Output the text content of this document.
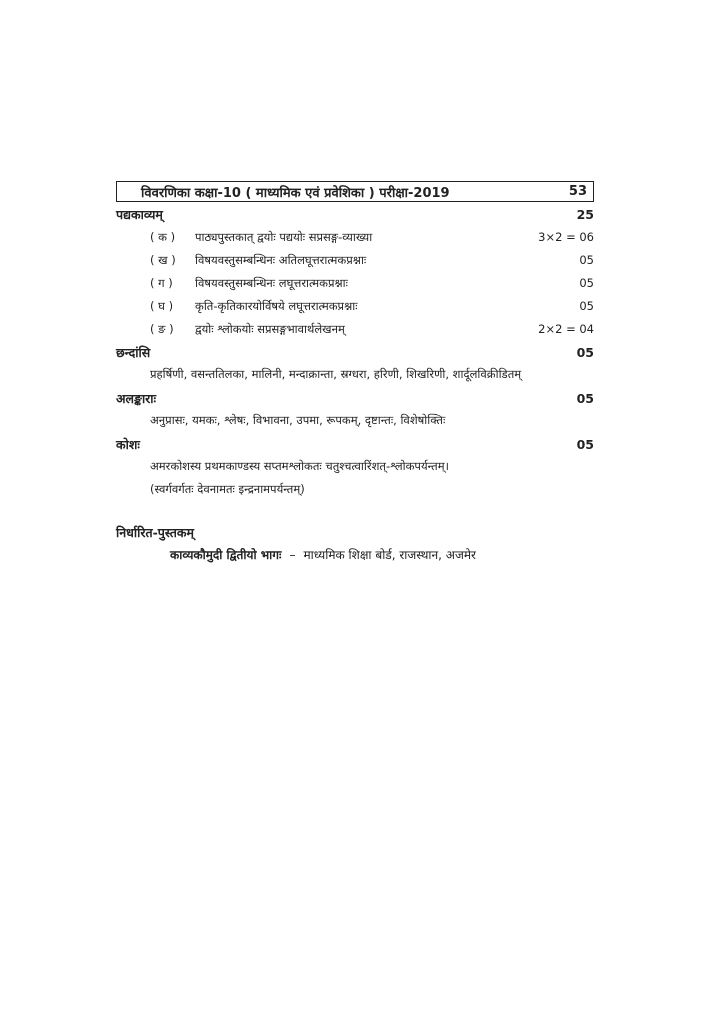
विवरणिका कक्षा-10 ( माध्यमिक एवं प्रवेशिका ) परीक्षा-2019	53
पद्यकाव्यम्	25
( क )	पाठ्यपुस्तकात् द्वयोः पद्ययोः सप्रसङ्ग-व्याख्या	3×2 = 06
( ख )	विषयवस्तुसम्बन्धिनः अतिलघूत्तरात्मकप्रश्नाः	05
( ग )	विषयवस्तुसम्बन्धिनः लघूत्तरात्मकप्रश्नाः	05
( घ )	कृति-कृतिकारयोर्विषये लघूत्तरात्मकप्रश्नाः	05
( ङ )	द्वयोः श्लोकयोः सप्रसङ्गभावार्थलेखनम्	2×2 = 04
छन्दांसि	05
प्रहर्षिणी, वसन्ततिलका, मालिनी, मन्दाक्रान्ता, स्रग्धरा, हरिणी, शिखरिणी, शार्दूलविक्रीडितम्
अलङ्काराः	05
अनुप्रासः, यमकः, श्लेषः, विभावना, उपमा, रूपकम्, दृष्टान्तः, विशेषोक्तिः
कोशः	05
अमरकोशस्य प्रथमकाण्डस्य सप्तमश्लोकतः चतुश्चत्वारिंशत्-श्लोकपर्यन्तम्।
(स्वर्गवर्गतः देवनामतः इन्द्रनामपर्यन्तम्)
निर्धारित-पुस्तकम्
काव्यकौमुदी द्वितीयो भागः – माध्यमिक शिक्षा बोर्ड, राजस्थान, अजमेर
